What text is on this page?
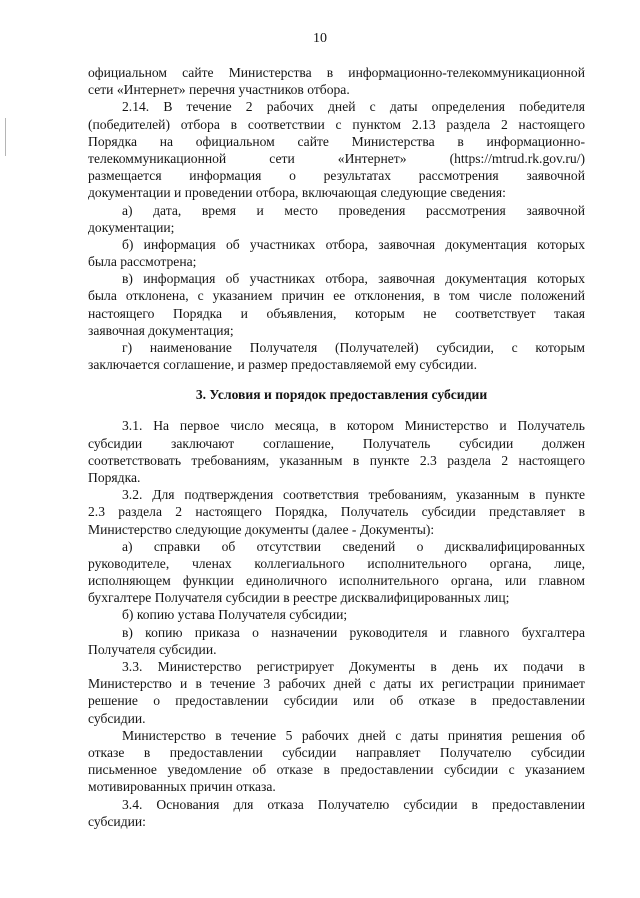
10
официальном сайте Министерства в информационно-телекоммуникационной
сети «Интернет» перечня участников отбора.
2.14. В течение 2 рабочих дней с даты определения победителя
(победителей) отбора в соответствии с пунктом 2.13 раздела 2 настоящего
Порядка на официальном сайте Министерства в информационно-
телекоммуникационной сети «Интернет» (https://mtrud.rk.gov.ru/)
размещается информация о результатах рассмотрения заявочной
документации и проведении отбора, включающая следующие сведения:
а) дата, время и место проведения рассмотрения заявочной
документации;
б) информация об участниках отбора, заявочная документация которых
была рассмотрена;
в) информация об участниках отбора, заявочная документация которых
была отклонена, с указанием причин ее отклонения, в том числе положений
настоящего Порядка и объявления, которым не соответствует такая
заявочная документация;
г) наименование Получателя (Получателей) субсидии, с которым
заключается соглашение, и размер предоставляемой ему субсидии.
3. Условия и порядок предоставления субсидии
3.1. На первое число месяца, в котором Министерство и Получатель
субсидии заключают соглашение, Получатель субсидии должен
соответствовать требованиям, указанным в пункте 2.3 раздела 2 настоящего
Порядка.
3.2. Для подтверждения соответствия требованиям, указанным в пункте
2.3 раздела 2 настоящего Порядка, Получатель субсидии представляет в
Министерство следующие документы (далее - Документы):
а) справки об отсутствии сведений о дисквалифицированных
руководителе, членах коллегиального исполнительного органа, лице,
исполняющем функции единоличного исполнительного органа, или главном
бухгалтере Получателя субсидии в реестре дисквалифицированных лиц;
б) копию устава Получателя субсидии;
в) копию приказа о назначении руководителя и главного бухгалтера
Получателя субсидии.
3.3. Министерство регистрирует Документы в день их подачи в
Министерство и в течение 3 рабочих дней с даты их регистрации принимает
решение о предоставлении субсидии или об отказе в предоставлении
субсидии.
Министерство в течение 5 рабочих дней с даты принятия решения об
отказе в предоставлении субсидии направляет Получателю субсидии
письменное уведомление об отказе в предоставлении субсидии с указанием
мотивированных причин отказа.
3.4. Основания для отказа Получателю субсидии в предоставлении
субсидии:
